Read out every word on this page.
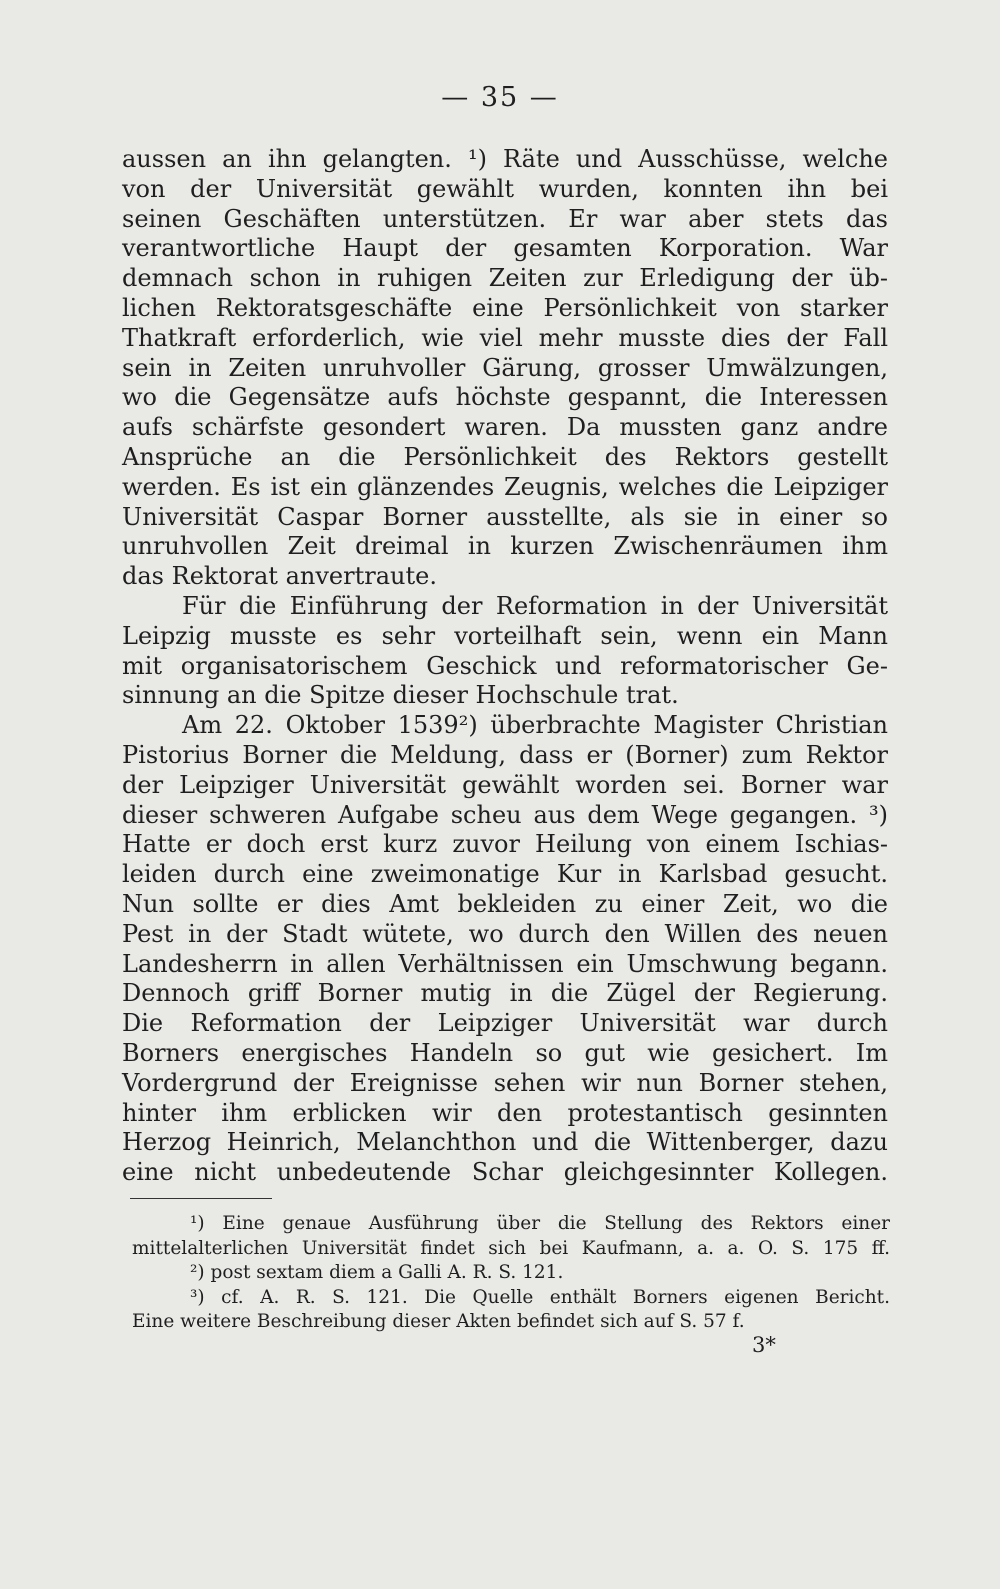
— 35 —
aussen an ihn gelangten. ¹) Räte und Ausschüsse, welche
von der Universität gewählt wurden, konnten ihn bei
seinen Geschäften unterstützen. Er war aber stets das
verantwortliche Haupt der gesamten Korporation. War
demnach schon in ruhigen Zeiten zur Erledigung der üb-
lichen Rektoratsgeschäfte eine Persönlichkeit von starker
Thatkraft erforderlich, wie viel mehr musste dies der Fall
sein in Zeiten unruhvoller Gärung, grosser Umwälzungen,
wo die Gegensätze aufs höchste gespannt, die Interessen
aufs schärfste gesondert waren. Da mussten ganz andre
Ansprüche an die Persönlichkeit des Rektors gestellt
werden. Es ist ein glänzendes Zeugnis, welches die Leipziger
Universität Caspar Borner ausstellte, als sie in einer so
unruhvollen Zeit dreimal in kurzen Zwischenräumen ihm
das Rektorat anvertraute.
Für die Einführung der Reformation in der Universität
Leipzig musste es sehr vorteilhaft sein, wenn ein Mann
mit organisatorischem Geschick und reformatorischer Ge-
sinnung an die Spitze dieser Hochschule trat.
Am 22. Oktober 1539²) überbrachte Magister Christian
Pistorius Borner die Meldung, dass er (Borner) zum Rektor
der Leipziger Universität gewählt worden sei. Borner war
dieser schweren Aufgabe scheu aus dem Wege gegangen. ³)
Hatte er doch erst kurz zuvor Heilung von einem Ischias-
leiden durch eine zweimonatige Kur in Karlsbad gesucht.
Nun sollte er dies Amt bekleiden zu einer Zeit, wo die
Pest in der Stadt wütete, wo durch den Willen des neuen
Landesherrn in allen Verhältnissen ein Umschwung begann.
Dennoch griff Borner mutig in die Zügel der Regierung.
Die Reformation der Leipziger Universität war durch
Borners energisches Handeln so gut wie gesichert. Im
Vordergrund der Ereignisse sehen wir nun Borner stehen,
hinter ihm erblicken wir den protestantisch gesinnten
Herzog Heinrich, Melanchthon und die Wittenberger, dazu
eine nicht unbedeutende Schar gleichgesinnter Kollegen.
¹) Eine genaue Ausführung über die Stellung des Rektors einer
mittelalterlichen Universität findet sich bei Kaufmann, a. a. O. S. 175 ff.
²) post sextam diem a Galli A. R. S. 121.
³) cf. A. R. S. 121. Die Quelle enthält Borners eigenen Bericht.
Eine weitere Beschreibung dieser Akten befindet sich auf S. 57 f.
3*
